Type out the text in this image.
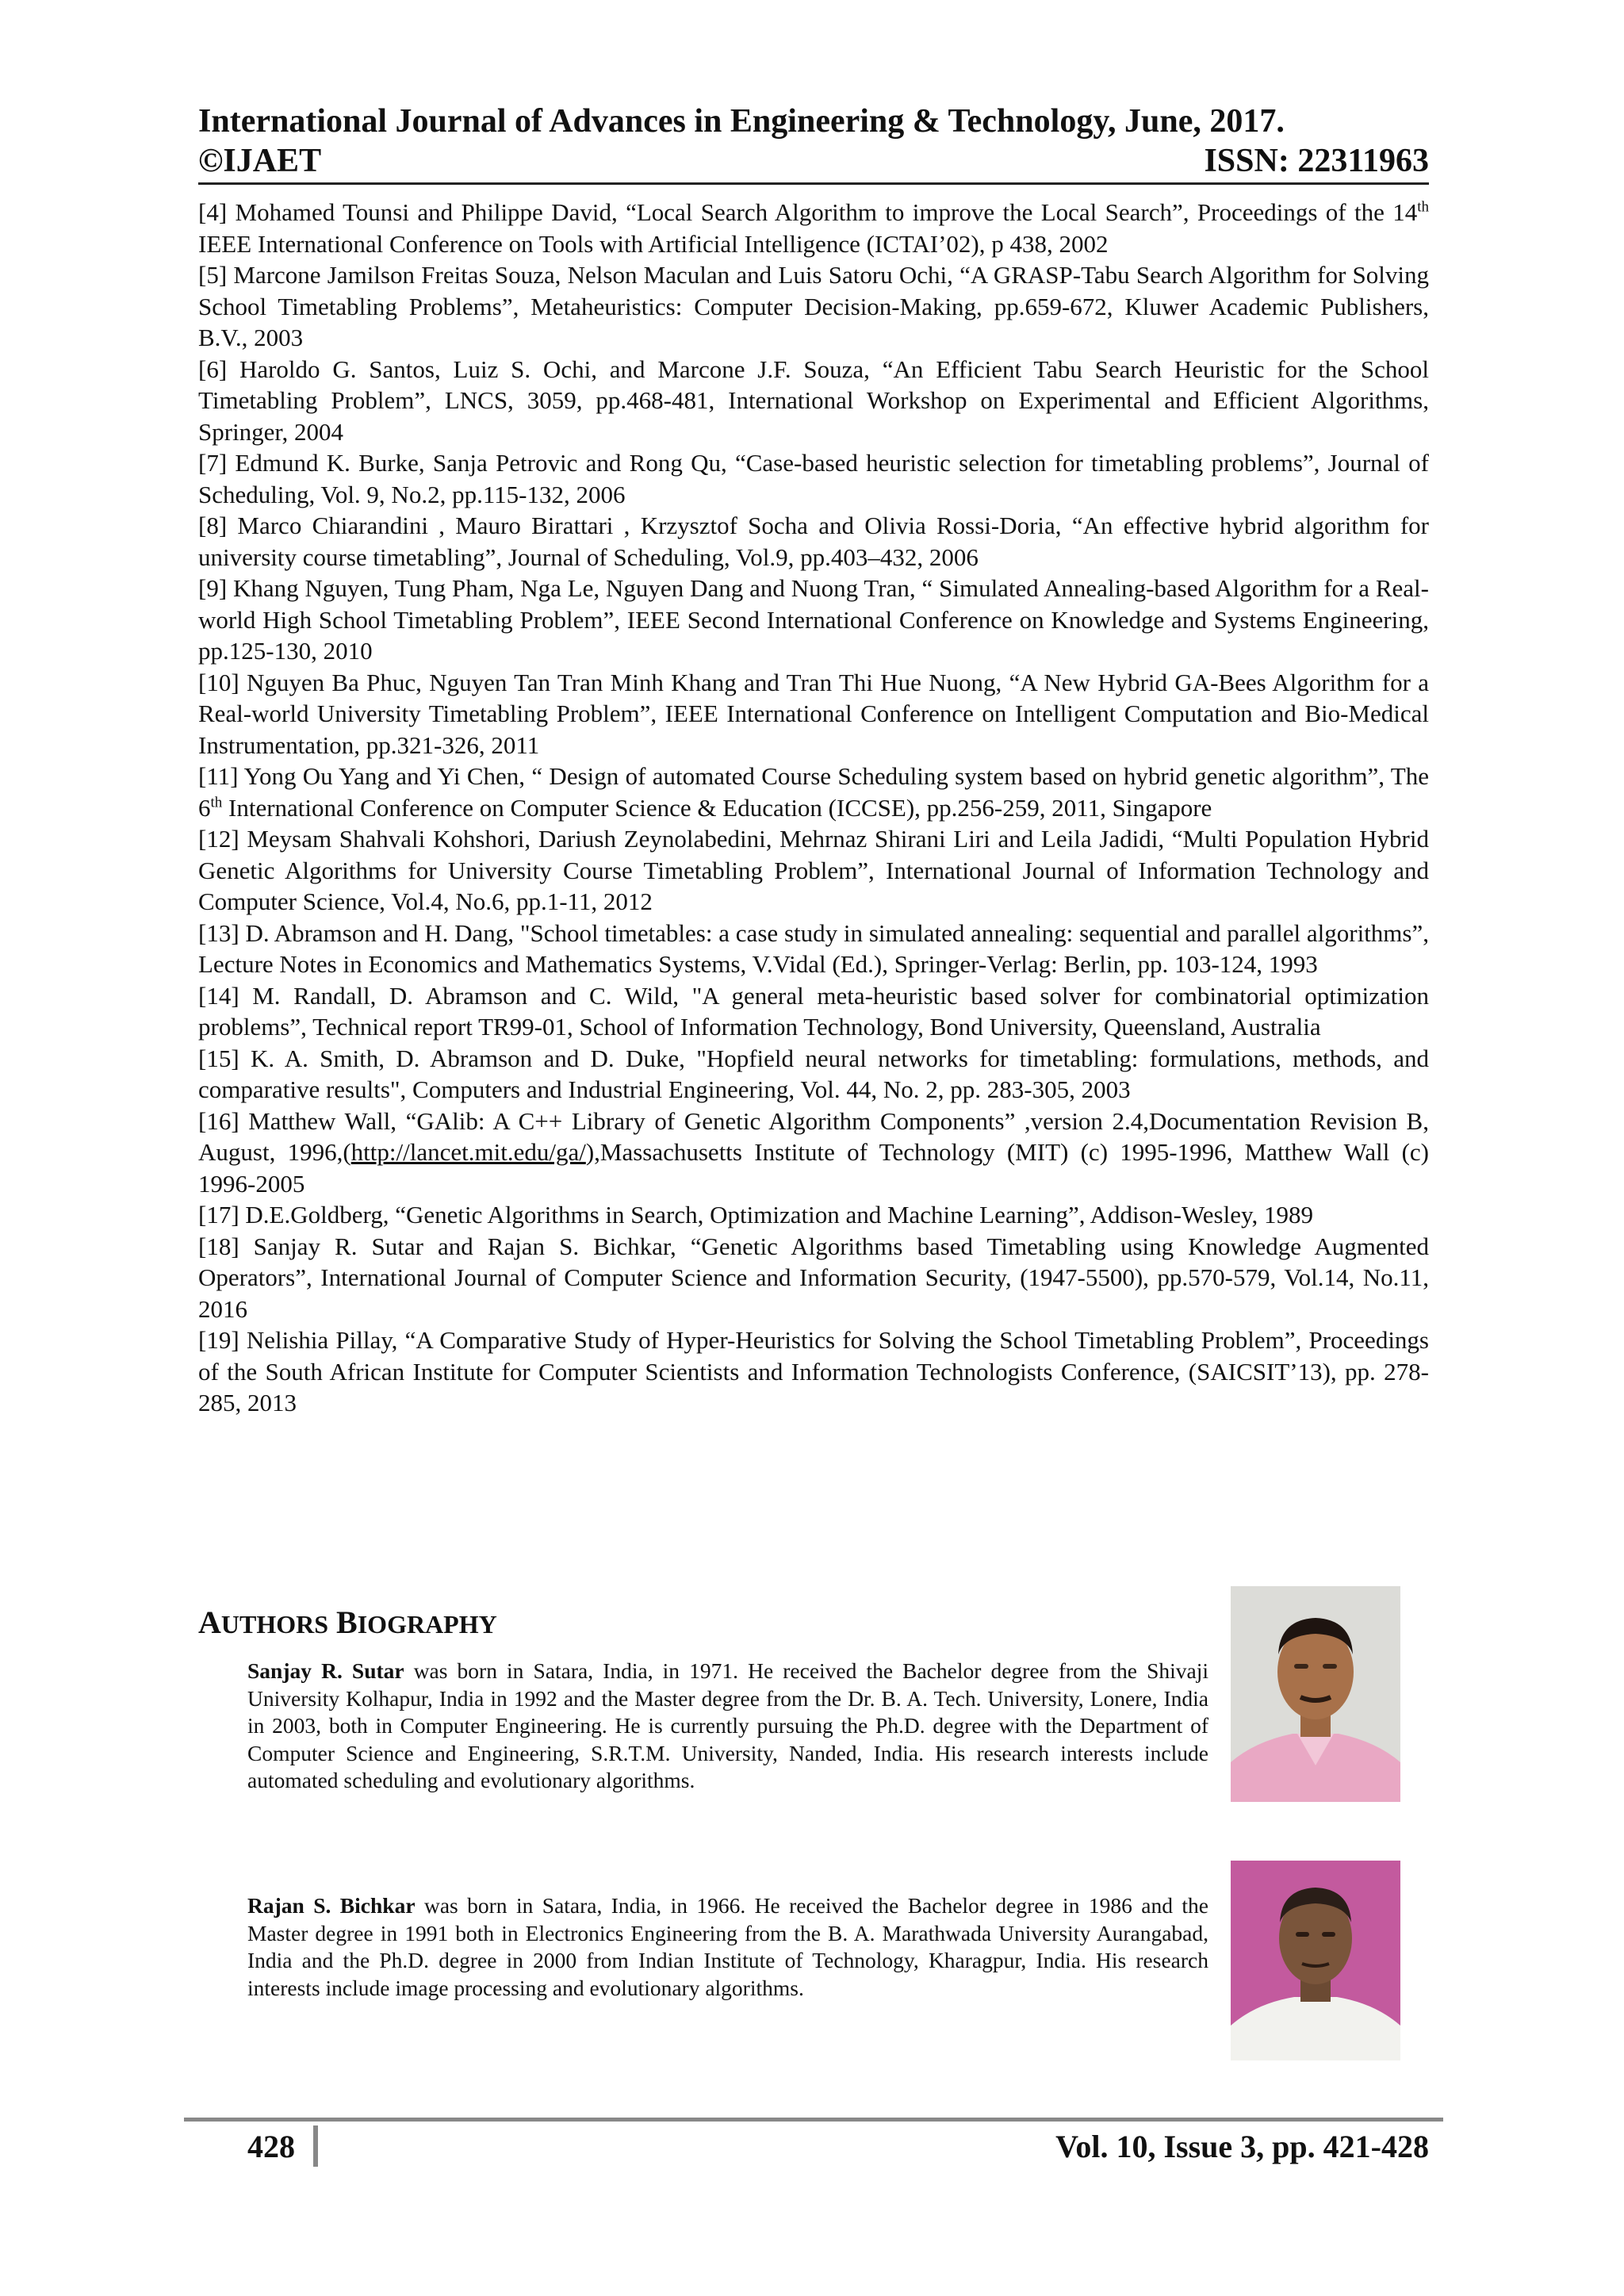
International Journal of Advances in Engineering & Technology, June, 2017.
©IJAET	ISSN: 22311963

[4] Mohamed Tounsi and Philippe David, “Local Search Algorithm to improve the Local Search”, Proceedings of the 14th IEEE International Conference on Tools with Artificial Intelligence (ICTAI’02), p 438, 2002

[5] Marcone Jamilson Freitas Souza, Nelson Maculan and Luis Satoru Ochi, “A GRASP-Tabu Search Algorithm for Solving School Timetabling Problems”, Metaheuristics: Computer Decision-Making, pp.659-672, Kluwer Academic Publishers, B.V., 2003

[6] Haroldo G. Santos, Luiz S. Ochi, and Marcone J.F. Souza, “An Efficient Tabu Search Heuristic for the School Timetabling Problem”, LNCS, 3059, pp.468-481, International Workshop on Experimental and Efficient Algorithms, Springer, 2004

[7] Edmund K. Burke, Sanja Petrovic and Rong Qu, “Case-based heuristic selection for timetabling problems”, Journal of Scheduling, Vol. 9, No.2, pp.115-132, 2006

[8] Marco Chiarandini , Mauro Birattari , Krzysztof Socha and Olivia Rossi-Doria, “An effective hybrid algorithm for university course timetabling”, Journal of Scheduling, Vol.9, pp.403–432, 2006

[9] Khang Nguyen, Tung Pham, Nga Le, Nguyen Dang and Nuong Tran, “ Simulated Annealing-based Algorithm for a Real-world High School Timetabling Problem”, IEEE Second International Conference on Knowledge and Systems Engineering, pp.125-130, 2010

[10] Nguyen Ba Phuc, Nguyen Tan Tran Minh Khang and Tran Thi Hue Nuong, “A New Hybrid GA-Bees Algorithm for a Real-world University Timetabling Problem”, IEEE International Conference on Intelligent Computation and Bio-Medical Instrumentation, pp.321-326, 2011

[11] Yong Ou Yang and Yi Chen, “ Design of automated Course Scheduling system based on hybrid genetic algorithm”, The 6th International Conference on Computer Science & Education (ICCSE), pp.256-259, 2011, Singapore

[12] Meysam Shahvali Kohshori, Dariush Zeynolabedini, Mehrnaz Shirani Liri and Leila Jadidi, “Multi Population Hybrid Genetic Algorithms for University Course Timetabling Problem”, International Journal of Information Technology and Computer Science, Vol.4, No.6, pp.1-11, 2012

[13] D. Abramson and H. Dang, "School timetables: a case study in simulated annealing: sequential and parallel algorithms”, Lecture Notes in Economics and Mathematics Systems, V.Vidal (Ed.), Springer-Verlag: Berlin, pp. 103-124, 1993

[14] M. Randall, D. Abramson and C. Wild, "A general meta-heuristic based solver for combinatorial optimization problems”, Technical report TR99-01, School of Information Technology, Bond University, Queensland, Australia

[15] K. A. Smith, D. Abramson and D. Duke, "Hopfield neural networks for timetabling: formulations, methods, and comparative results", Computers and Industrial Engineering, Vol. 44, No. 2, pp. 283-305, 2003

[16] Matthew Wall, “GAlib: A C++ Library of Genetic Algorithm Components” ,version 2.4,Documentation Revision B, August, 1996,(http://lancet.mit.edu/ga/),Massachusetts Institute of Technology (MIT) (c) 1995-1996, Matthew Wall (c) 1996-2005

[17] D.E.Goldberg, “Genetic Algorithms in Search, Optimization and Machine Learning”, Addison-Wesley, 1989

[18] Sanjay R. Sutar and Rajan S. Bichkar, “Genetic Algorithms based Timetabling using Knowledge Augmented Operators”, International Journal of Computer Science and Information Security, (1947-5500), pp.570-579, Vol.14, No.11, 2016

[19] Nelishia Pillay, “A Comparative Study of Hyper-Heuristics for Solving the School Timetabling Problem”, Proceedings of the South African Institute for Computer Scientists and Information Technologists Conference, (SAICSIT’13), pp. 278-285, 2013

AUTHORS BIOGRAPHY
Sanjay R. Sutar was born in Satara, India, in 1971. He received the Bachelor degree from the Shivaji University Kolhapur, India in 1992 and the Master degree from the Dr. B. A. Tech. University, Lonere, India in 2003, both in Computer Engineering. He is currently pursuing the Ph.D. degree with the Department of Computer Science and Engineering, S.R.T.M. University, Nanded, India. His research interests include automated scheduling and evolutionary algorithms.
Rajan S. Bichkar was born in Satara, India, in 1966. He received the Bachelor degree in 1986 and the Master degree in 1991 both in Electronics Engineering from the B. A. Marathwada University Aurangabad, India and the Ph.D. degree in 2000 from Indian Institute of Technology, Kharagpur, India. His research interests include image processing and evolutionary algorithms.
428	Vol. 10, Issue 3, pp. 421-428
